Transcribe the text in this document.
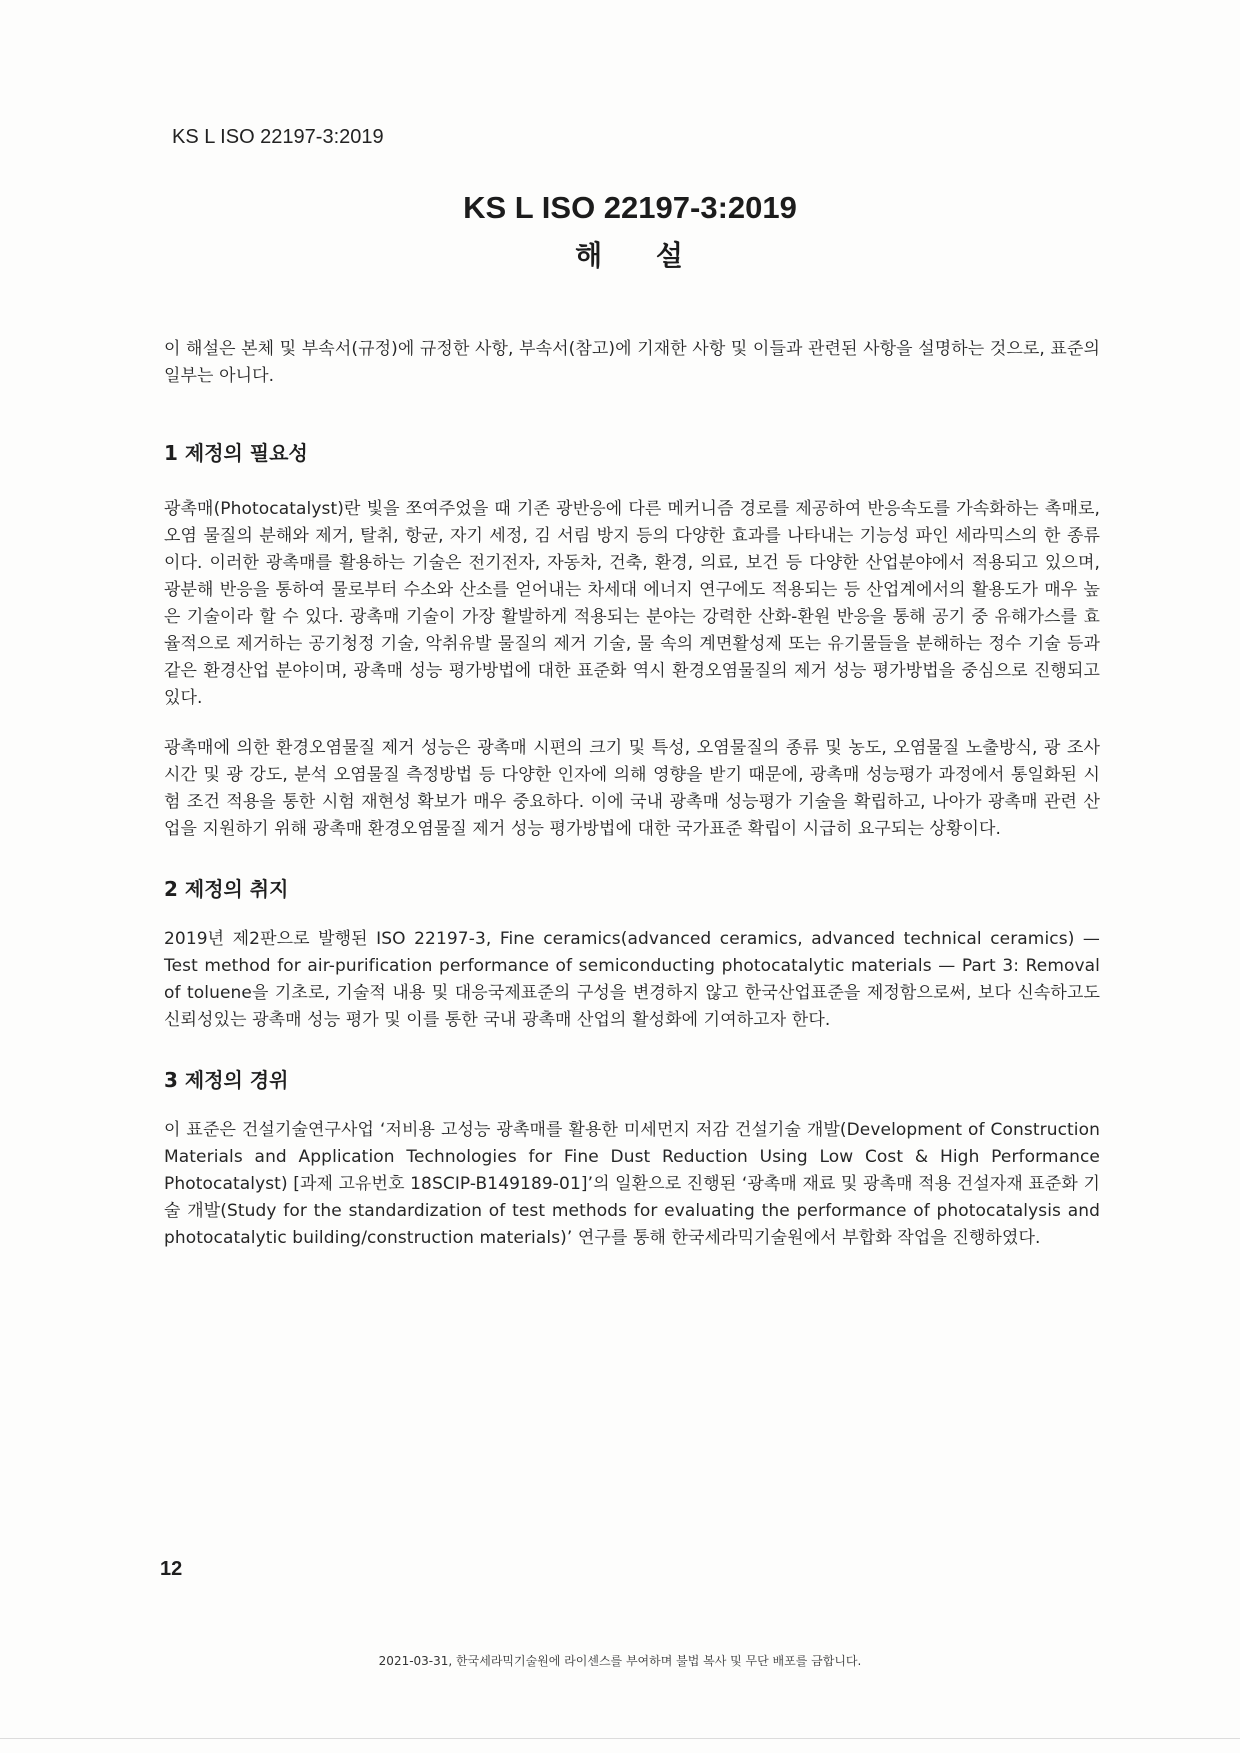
KS L ISO 22197-3:2019
KS L ISO 22197-3:2019
해 설

이 해설은 본체 및 부속서(규정)에 규정한 사항, 부속서(참고)에 기재한 사항 및 이들과 관련된 사항을 설명하는 것으로, 표준의 일부는 아니다.

1 제정의 필요성

광촉매(Photocatalyst)란 빛을 쪼여주었을 때 기존 광반응에 다른 메커니즘 경로를 제공하여 반응속도를 가속화하는 촉매로, 오염 물질의 분해와 제거, 탈취, 항균, 자기 세정, 김 서림 방지 등의 다양한 효과를 나타내는 기능성 파인 세라믹스의 한 종류이다. 이러한 광촉매를 활용하는 기술은 전기전자, 자동차, 건축, 환경, 의료, 보건 등 다양한 산업분야에서 적용되고 있으며, 광분해 반응을 통하여 물로부터 수소와 산소를 얻어내는 차세대 에너지 연구에도 적용되는 등 산업계에서의 활용도가 매우 높은 기술이라 할 수 있다. 광촉매 기술이 가장 활발하게 적용되는 분야는 강력한 산화-환원 반응을 통해 공기 중 유해가스를 효율적으로 제거하는 공기청정 기술, 악취유발 물질의 제거 기술, 물 속의 계면활성제 또는 유기물들을 분해하는 정수 기술 등과 같은 환경산업 분야이며, 광촉매 성능 평가방법에 대한 표준화 역시 환경오염물질의 제거 성능 평가방법을 중심으로 진행되고 있다.

광촉매에 의한 환경오염물질 제거 성능은 광촉매 시편의 크기 및 특성, 오염물질의 종류 및 농도, 오염물질 노출방식, 광 조사 시간 및 광 강도, 분석 오염물질 측정방법 등 다양한 인자에 의해 영향을 받기 때문에, 광촉매 성능평가 과정에서 통일화된 시험 조건 적용을 통한 시험 재현성 확보가 매우 중요하다. 이에 국내 광촉매 성능평가 기술을 확립하고, 나아가 광촉매 관련 산업을 지원하기 위해 광촉매 환경오염물질 제거 성능 평가방법에 대한 국가표준 확립이 시급히 요구되는 상황이다.

2 제정의 취지

2019년 제2판으로 발행된 ISO 22197-3, Fine ceramics(advanced ceramics, advanced technical ceramics) — Test method for air-purification performance of semiconducting photocatalytic materials — Part 3: Removal of toluene을 기초로, 기술적 내용 및 대응국제표준의 구성을 변경하지 않고 한국산업표준을 제정함으로써, 보다 신속하고도 신뢰성있는 광촉매 성능 평가 및 이를 통한 국내 광촉매 산업의 활성화에 기여하고자 한다.

3 제정의 경위

이 표준은 건설기술연구사업 ‘저비용 고성능 광촉매를 활용한 미세먼지 저감 건설기술 개발(Development of Construction Materials and Application Technologies for Fine Dust Reduction Using Low Cost & High Performance Photocatalyst) [과제 고유번호 18SCIP-B149189-01]’의 일환으로 진행된 ‘광촉매 재료 및 광촉매 적용 건설자재 표준화 기술 개발(Study for the standardization of test methods for evaluating the performance of photocatalysis and photocatalytic building/construction materials)’ 연구를 통해 한국세라믹기술원에서 부합화 작업을 진행하였다.

12
2021-03-31, 한국세라믹기술원에 라이센스를 부여하며 불법 복사 및 무단 배포를 금합니다.
